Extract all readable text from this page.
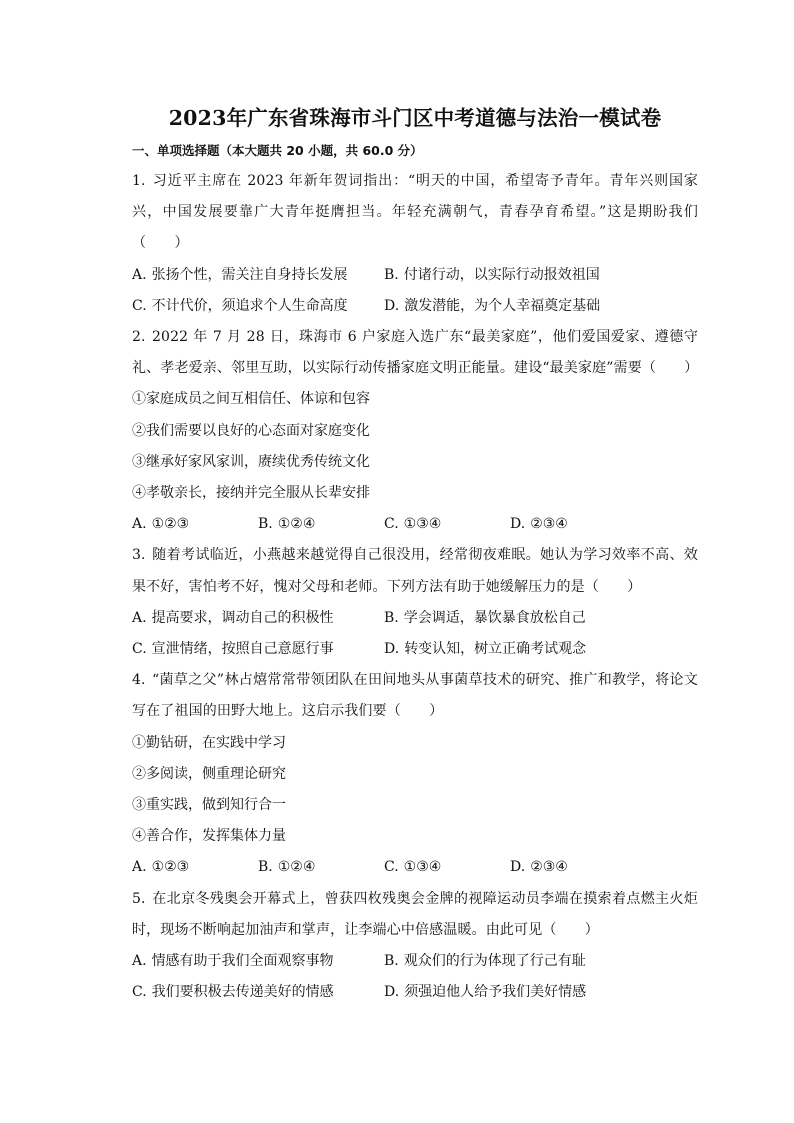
2023年广东省珠海市斗门区中考道德与法治一模试卷
一、单项选择题（本大题共 20 小题，共 60.0 分）
1. 习近平主席在 2023 年新年贺词指出：“明天的中国，希望寄予青年。青年兴则国家兴，中国发展要靠广大青年挺膺担当。年轻充满朝气，青春孕育希望。”这是期盼我们（　　）
A. 张扬个性，需关注自身持长发展	B. 付诸行动，以实际行动报效祖国
C. 不计代价，须追求个人生命高度	D. 激发潜能，为个人幸福奠定基础
2. 2022 年 7 月 28 日，珠海市 6 户家庭入选广东“最美家庭”，他们爱国爱家、遵德守礼、孝老爱亲、邻里互助，以实际行动传播家庭文明正能量。建设“最美家庭”需要（　　）
①家庭成员之间互相信任、体谅和包容
②我们需要以良好的心态面对家庭变化
③继承好家风家训，赓续优秀传统文化
④孝敬亲长，接纳并完全服从长辈安排
A. ①②③	B. ①②④	C. ①③④	D. ②③④
3. 随着考试临近，小燕越来越觉得自己很没用，经常彻夜难眠。她认为学习效率不高、效果不好，害怕考不好，愧对父母和老师。下列方法有助于她缓解压力的是（　　）
A. 提高要求，调动自己的积极性	B. 学会调适，暴饮暴食放松自己
C. 宣泄情绪，按照自己意愿行事	D. 转变认知，树立正确考试观念
4. “菌草之父”林占熺常常带领团队在田间地头从事菌草技术的研究、推广和教学，将论文写在了祖国的田野大地上。这启示我们要（　　）
①勤钻研，在实践中学习
②多阅读，侧重理论研究
③重实践，做到知行合一
④善合作，发挥集体力量
A. ①②③	B. ①②④	C. ①③④	D. ②③④
5. 在北京冬残奥会开幕式上，曾获四枚残奥会金牌的视障运动员李端在摸索着点燃主火炬时，现场不断响起加油声和掌声，让李端心中倍感温暖。由此可见（　　）
A. 情感有助于我们全面观察事物	B. 观众们的行为体现了行己有耻
C. 我们要积极去传递美好的情感	D. 须强迫他人给予我们美好情感
